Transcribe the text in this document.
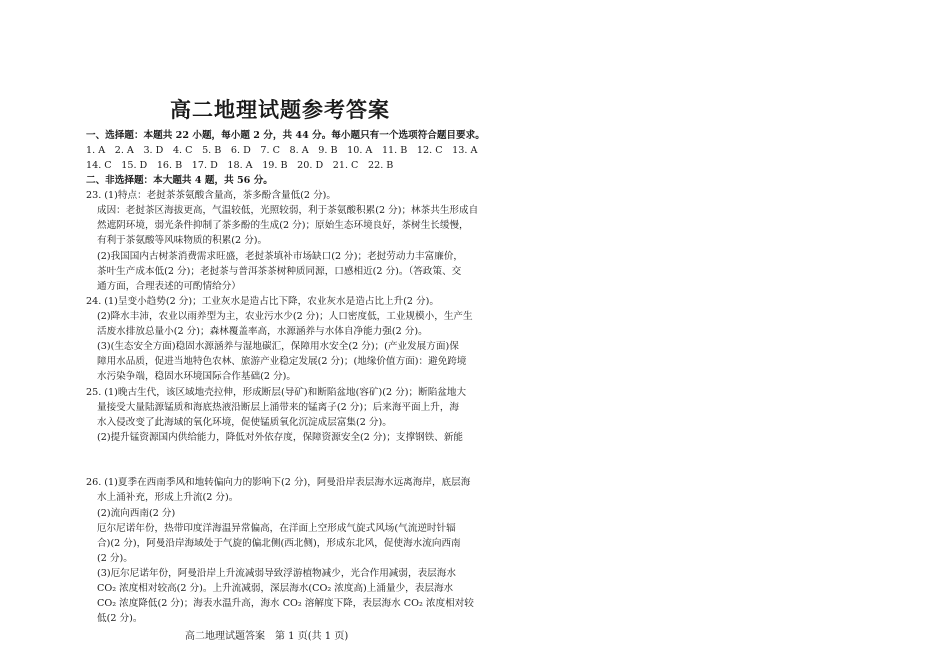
高二地理试题参考答案
一、选择题：本题共 22 小题，每小题 2 分，共 44 分。每小题只有一个选项符合题目要求。
1. A　2. A　3. D　4. C　5. B　6. D　7. C　8. A　9. B　10. A　11. B　12. C　13. A
14. C　15. D　16. B　17. D　18. A　19. B　20. D　21. C　22. B
二、非选择题：本大题共 4 题，共 56 分。
23. (1)特点：老挝茶茶氨酸含量高，茶多酚含量低(2 分)。
成因：老挝茶区海拔更高，气温较低，光照较弱，利于茶氨酸积累(2 分)；林茶共生形成自
然遮阴环境，弱光条件抑制了茶多酚的生成(2 分)；原始生态环境良好，茶树生长缓慢，
有利于茶氨酸等风味物质的积累(2 分)。
(2)我国国内古树茶消费需求旺盛，老挝茶填补市场缺口(2 分)；老挝劳动力丰富廉价，
茶叶生产成本低(2 分)；老挝茶与普洱茶茶树种质同源，口感相近(2 分)。（答政策、交
通方面，合理表述的可酌情给分）
24. (1)呈变小趋势(2 分)；工业灰水是造占比下降，农业灰水是造占比上升(2 分)。
(2)降水丰沛，农业以雨养型为主，农业污水少(2 分)；人口密度低，工业规模小，生产生
活废水排放总量小(2 分)；森林覆盖率高，水源涵养与水体自净能力强(2 分)。
(3)(生态安全方面)稳固水源涵养与湿地碳汇，保障用水安全(2 分)；(产业发展方面)保
障用水品质，促进当地特色农林、旅游产业稳定发展(2 分)；(地缘价值方面)：避免跨境
水污染争端，稳固水环境国际合作基础(2 分)。
25. (1)晚古生代，该区域地壳拉伸，形成断层(导矿)和断陷盆地(容矿)(2 分)；断陷盆地大
量接受大量陆源锰质和海底热液沿断层上涌带来的锰离子(2 分)；后来海平面上升，海
水入侵改变了此海域的氧化环境，促使锰质氧化沉淀成层富集(2 分)。
(2)提升锰资源国内供给能力，降低对外依存度，保障资源安全(2 分)；支撑钢铁、新能
26. (1)夏季在西南季风和地转偏向力的影响下(2 分)，阿曼沿岸表层海水远离海岸，底层海
水上涌补充，形成上升流(2 分)。
(2)流向西南(2 分)
厄尔尼诺年份，热带印度洋海温异常偏高，在洋面上空形成气旋式风场(气流逆时针辐
合)(2 分)，阿曼沿岸海域处于气旋的偏北侧(西北侧)，形成东北风，促使海水流向西南
(2 分)。
(3)厄尔尼诺年份，阿曼沿岸上升流减弱导致浮游植物减少，光合作用减弱，表层海水
CO₂ 浓度相对较高(2 分)。上升流减弱，深层海水(CO₂ 浓度高)上涌量少，表层海水
CO₂ 浓度降低(2 分)；海表水温升高，海水 CO₂ 溶解度下降，表层海水 CO₂ 浓度相对较
低(2 分)。
高二地理试题答案　第 1 页(共 1 页)
